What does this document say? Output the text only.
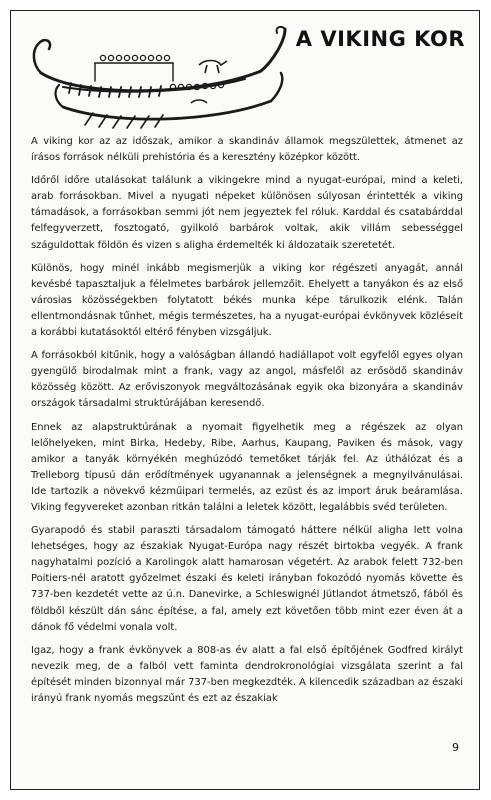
A VIKING KOR

A viking kor az az időszak, amikor a skandináv államok megszülettek, átmenet az írásos források nélküli prehistória és a keresztény középkor között.

Időről időre utalásokat találunk a vikingekre mind a nyugat-európai, mind a keleti, arab forrásokban. Mivel a nyugati népeket különösen súlyosan érintették a viking támadások, a forrásokban semmi jót nem jegyeztek fel róluk. Karddal és csatabárddal felfegyverzett, fosztogató, gyilkoló barbárok voltak, akik villám sebességgel száguldottak földön és vizen s aligha érdemelték ki áldozataik szeretetét.

Különös, hogy minél inkább megismerjük a viking kor régészeti anyagát, annál kevésbé tapasztaljuk a félelmetes barbárok jellemzőit. Ehelyett a tanyákon és az első városias közösségekben folytatott békés munka képe tárulkozik elénk. Talán ellentmondásnak tűnhet, mégis természetes, ha a nyugat-európai évkönyvek közléseit a korábbi kutatásoktól eltérő fényben vizsgáljuk.

A forrásokból kitűnik, hogy a valóságban állandó hadiállapot volt egyfelől egyes olyan gyengülő birodalmak mint a frank, vagy az angol, másfelől az erősödő skandináv közösség között. Az erőviszonyok megváltozásának egyik oka bizonyára a skandináv országok társadalmi struktúrájában keresendő.

Ennek az alapstruktúrának a nyomait figyelhetik meg a régészek az olyan lelőhelyeken, mint Birka, Hedeby, Ribe, Aarhus, Kaupang, Paviken és mások, vagy amikor a tanyák környékén meghúzódó temetőket tárják fel. Az úthálózat és a Trelleborg típusú dán erődítmények ugyanannak a jelenségnek a megnyilvánulásai. Ide tartozik a növekvő kézműipari termelés, az ezüst és az import áruk beáramlása. Viking fegyvereket azonban ritkán találni a leletek között, legalábbis svéd területen.

Gyarapodó és stabil paraszti társadalom támogató háttere nélkül aligha lett volna lehetséges, hogy az északiak Nyugat-Európa nagy részét birtokba vegyék. A frank nagyhatalmi pozíció a Karolingok alatt hamarosan végetért. Az arabok felett 732-ben Poitiers-nél aratott győzelmet északi és keleti irányban fokozódó nyomás követte és 737-ben kezdetét vette az ú.n. Danevirke, a Schleswignél Jütlandot átmetsző, fából és földből készült dán sánc építése, a fal, amely ezt követően több mint ezer éven át a dánok fő védelmi vonala volt.

Igaz, hogy a frank évkönyvek a 808-as év alatt a fal első építőjének Godfred királyt nevezik meg, de a falból vett faminta dendrokronológiai vizsgálata szerint a fal építését minden bizonnyal már 737-ben megkezdték. A kilencedik században az északi irányú frank nyomás megszűnt és ezt az északiak

9
